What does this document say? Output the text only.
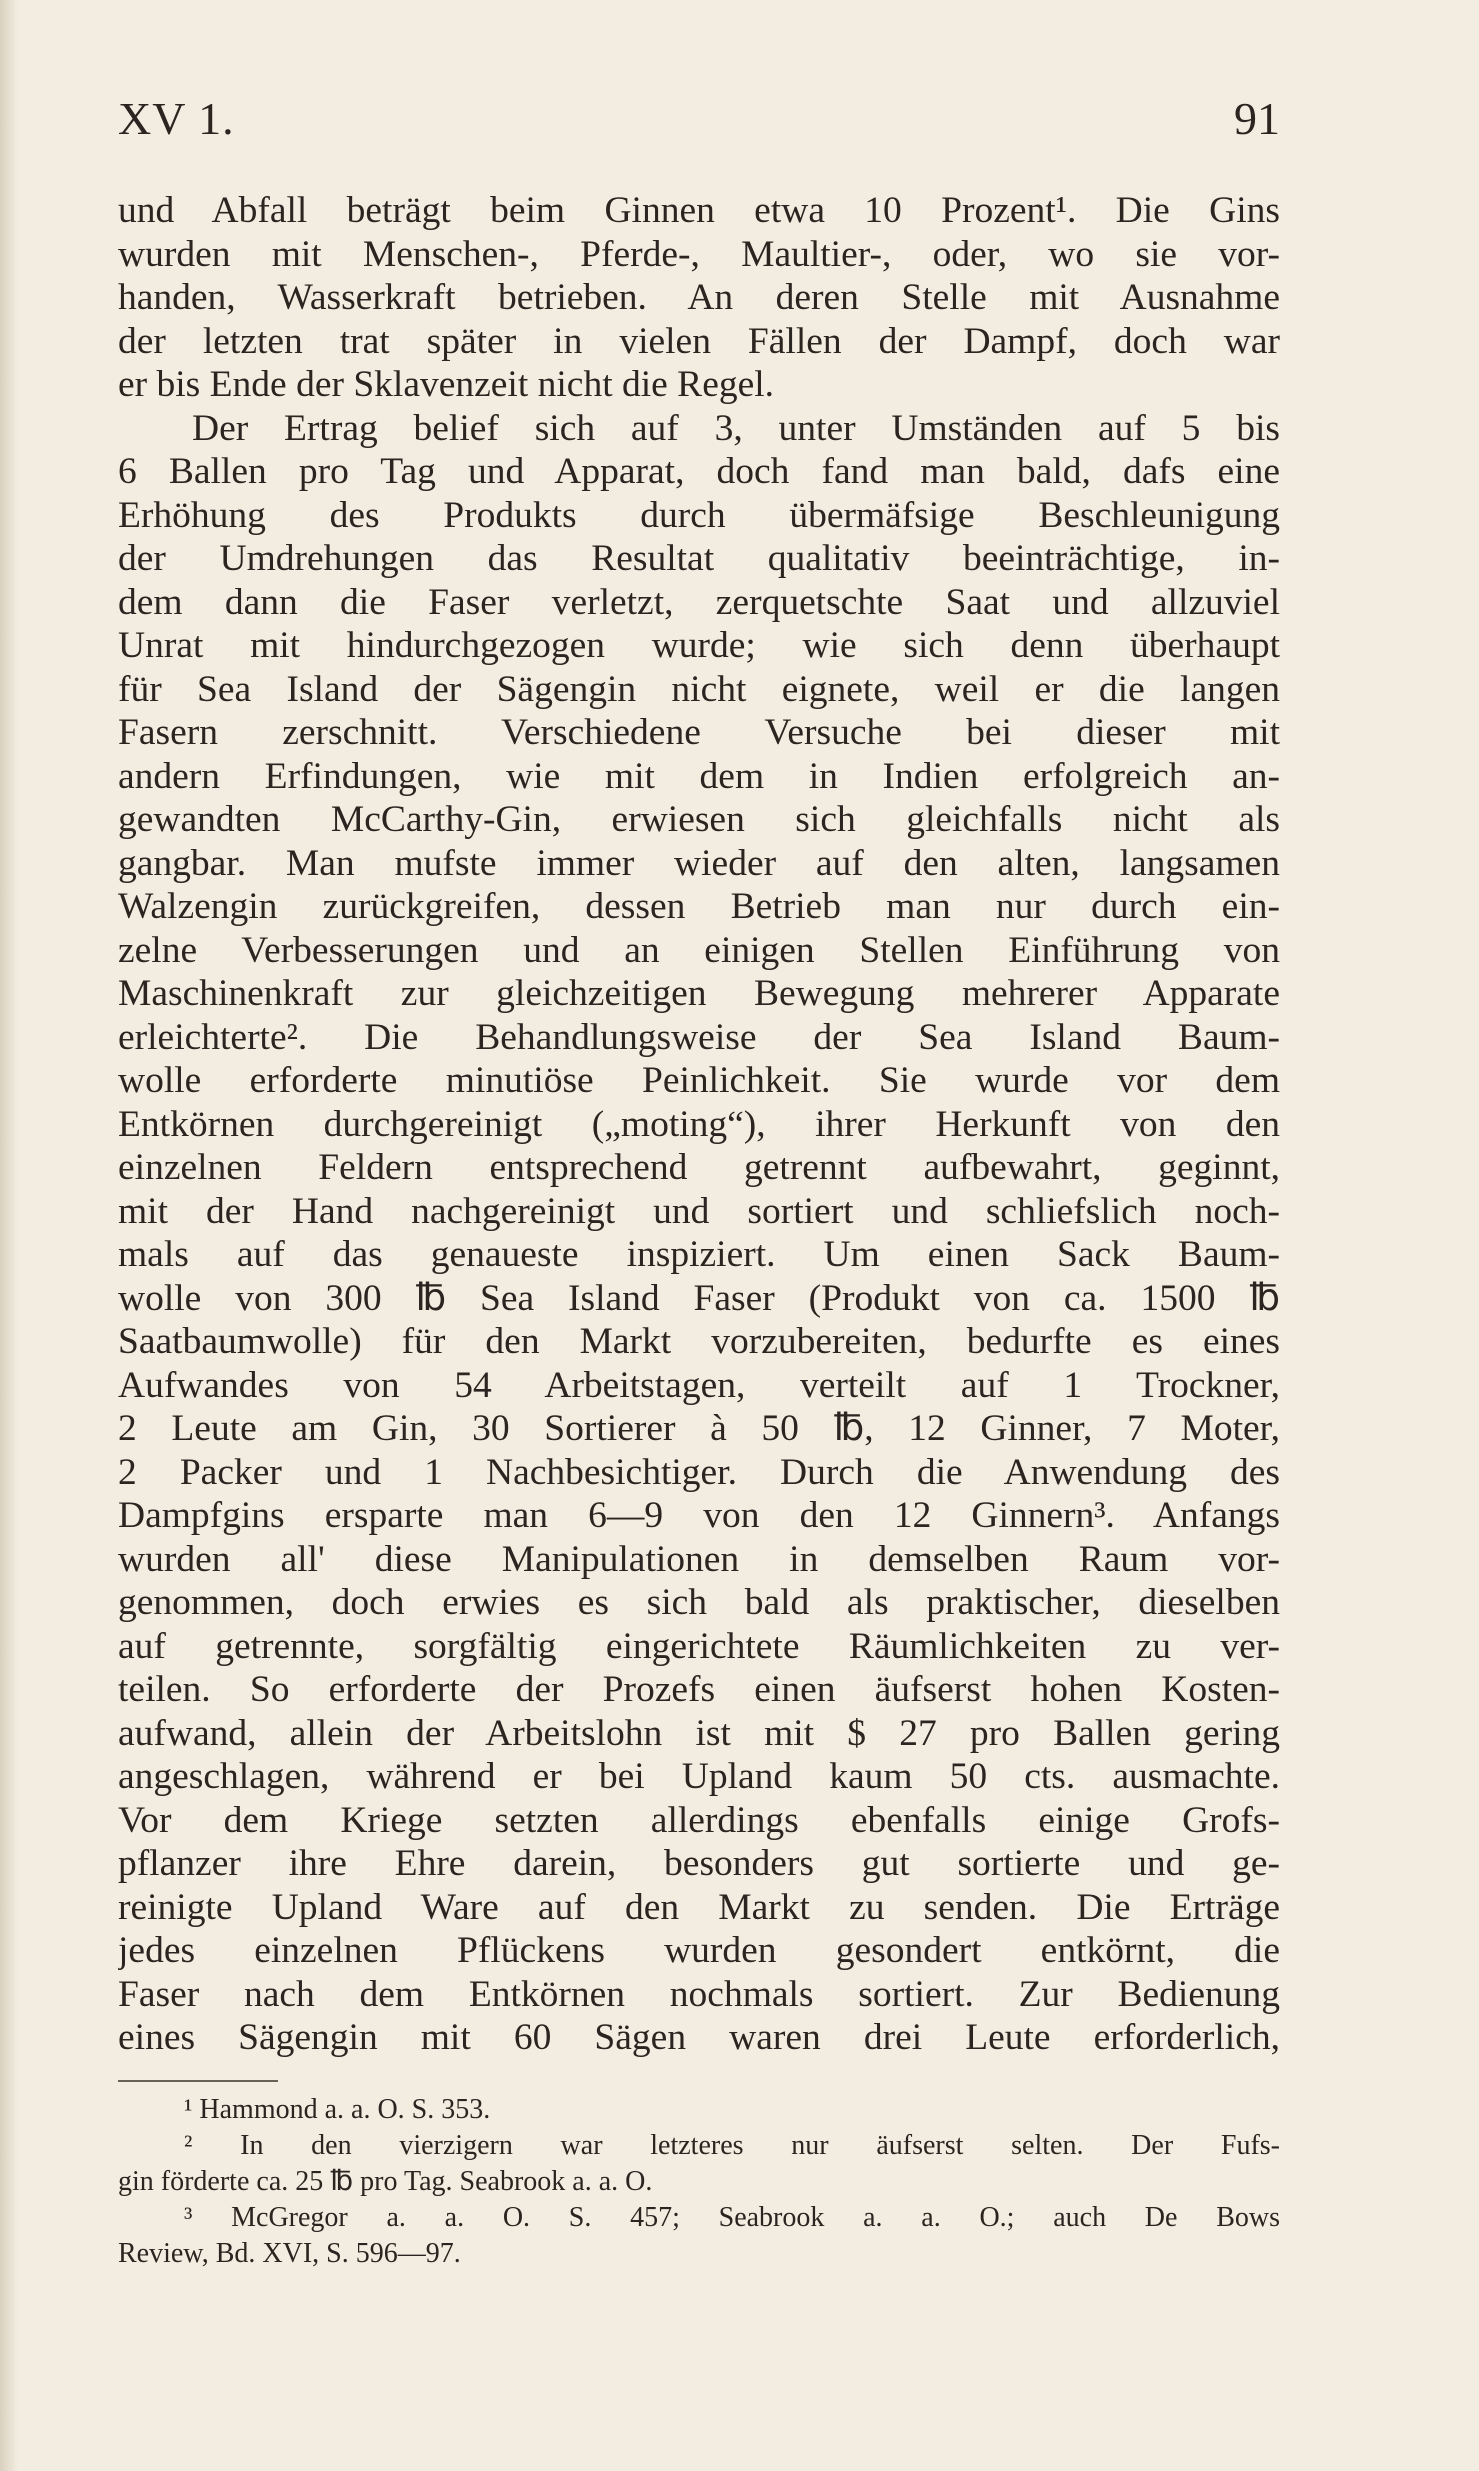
XV 1.	91
und Abfall beträgt beim Ginnen etwa 10 Prozent¹. Die Gins
wurden mit Menschen-, Pferde-, Maultier-, oder, wo sie vor-
handen, Wasserkraft betrieben. An deren Stelle mit Ausnahme
der letzten trat später in vielen Fällen der Dampf, doch war
er bis Ende der Sklavenzeit nicht die Regel.
Der Ertrag belief sich auf 3, unter Umständen auf 5 bis
6 Ballen pro Tag und Apparat, doch fand man bald, dafs eine
Erhöhung des Produkts durch übermäfsige Beschleunigung
der Umdrehungen das Resultat qualitativ beeinträchtige, in-
dem dann die Faser verletzt, zerquetschte Saat und allzuviel
Unrat mit hindurchgezogen wurde; wie sich denn überhaupt
für Sea Island der Sägengin nicht eignete, weil er die langen
Fasern zerschnitt. Verschiedene Versuche bei dieser mit
andern Erfindungen, wie mit dem in Indien erfolgreich an-
gewandten McCarthy-Gin, erwiesen sich gleichfalls nicht als
gangbar. Man mufste immer wieder auf den alten, langsamen
Walzengin zurückgreifen, dessen Betrieb man nur durch ein-
zelne Verbesserungen und an einigen Stellen Einführung von
Maschinenkraft zur gleichzeitigen Bewegung mehrerer Apparate
erleichterte². Die Behandlungsweise der Sea Island Baum-
wolle erforderte minutiöse Peinlichkeit. Sie wurde vor dem
Entkörnen durchgereinigt („moting“), ihrer Herkunft von den
einzelnen Feldern entsprechend getrennt aufbewahrt, geginnt,
mit der Hand nachgereinigt und sortiert und schliefslich noch-
mals auf das genaueste inspiziert. Um einen Sack Baum-
wolle von 300 ℔ Sea Island Faser (Produkt von ca. 1500 ℔
Saatbaumwolle) für den Markt vorzubereiten, bedurfte es eines
Aufwandes von 54 Arbeitstagen, verteilt auf 1 Trockner,
2 Leute am Gin, 30 Sortierer à 50 ℔, 12 Ginner, 7 Moter,
2 Packer und 1 Nachbesichtiger. Durch die Anwendung des
Dampfgins ersparte man 6—9 von den 12 Ginnern³. Anfangs
wurden all' diese Manipulationen in demselben Raum vor-
genommen, doch erwies es sich bald als praktischer, dieselben
auf getrennte, sorgfältig eingerichtete Räumlichkeiten zu ver-
teilen. So erforderte der Prozefs einen äufserst hohen Kosten-
aufwand, allein der Arbeitslohn ist mit $ 27 pro Ballen gering
angeschlagen, während er bei Upland kaum 50 cts. ausmachte.
Vor dem Kriege setzten allerdings ebenfalls einige Grofs-
pflanzer ihre Ehre darein, besonders gut sortierte und ge-
reinigte Upland Ware auf den Markt zu senden. Die Erträge
jedes einzelnen Pflückens wurden gesondert entkörnt, die
Faser nach dem Entkörnen nochmals sortiert. Zur Bedienung
eines Sägengin mit 60 Sägen waren drei Leute erforderlich,
¹ Hammond a. a. O. S. 353.
² In den vierzigern war letzteres nur äufserst selten. Der Fufs-
gin förderte ca. 25 ℔ pro Tag. Seabrook a. a. O.
³ McGregor a. a. O. S. 457; Seabrook a. a. O.; auch De Bows
Review, Bd. XVI, S. 596—97.
